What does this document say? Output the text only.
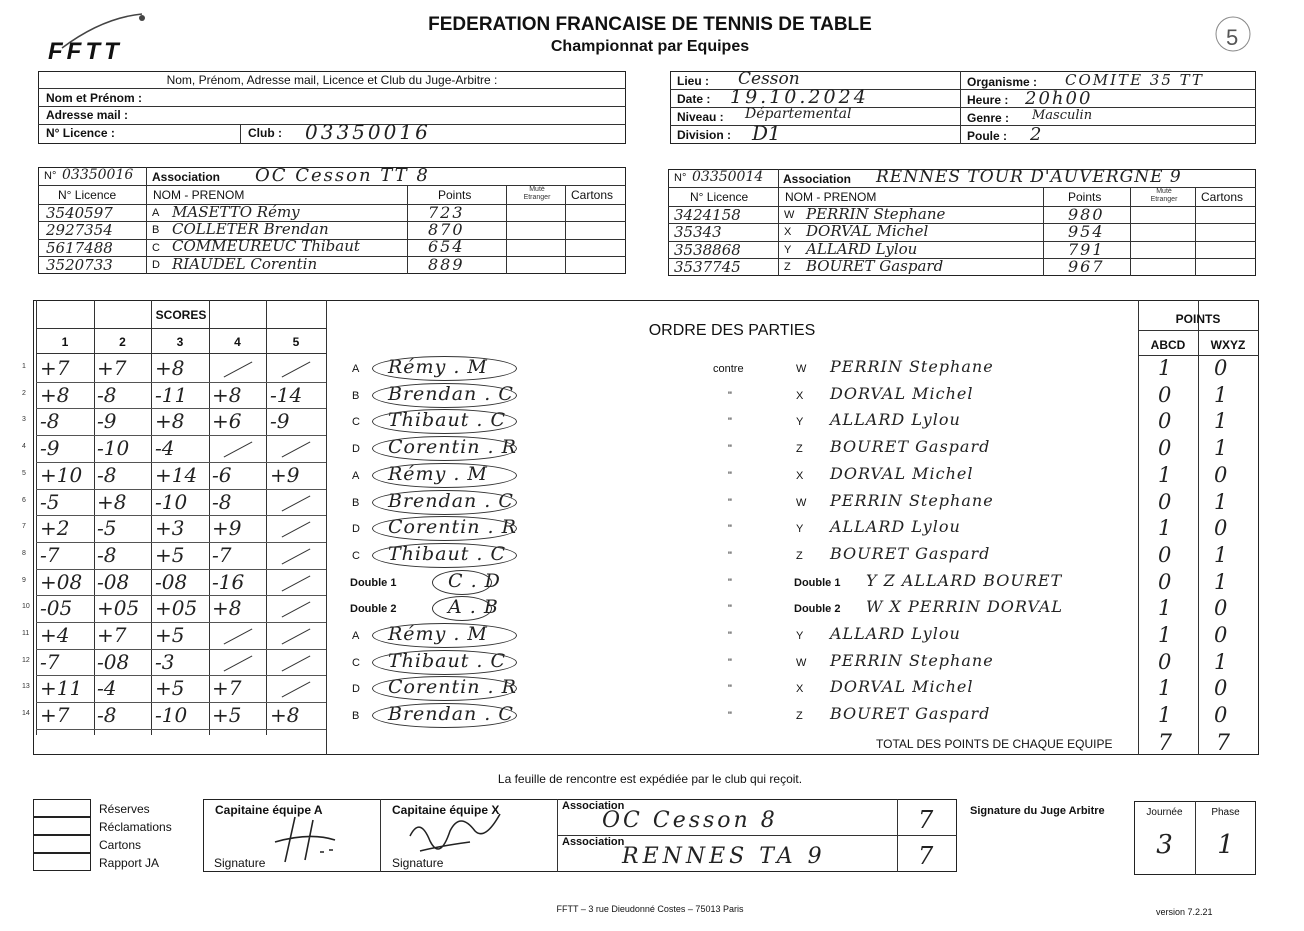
FFTT
FEDERATION FRANCAISE DE TENNIS DE TABLE
Championnat par Equipes	5
Nom, Prénom, Adresse mail, Licence et Club du Juge-Arbitre :
Nom et Prénom :
Adresse mail :
N° Licence :	Club : 03350016
Lieu : Cesson
Date : 19.10.2024
Niveau : Départemental
Division : D1
Organisme : COMITE 35 TT
Heure : 20h00
Genre : Masculin
Poule : 2
N° 03350016 Association OC Cesson TT 8
N° Licence	NOM - PRENOM	Points	Muté Etranger	Cartons
3540597	A MASETTO Rémy	723
2927354	B COLLETER Brendan	870
5617488	C COMMEUREUC Thibaut	654
3520733	D RIAUDEL Corentin	889
N° 03350014 Association RENNES TOUR D'AUVERGNE 9
N° Licence	NOM - PRENOM	Points	Muté Etranger	Cartons
3424158	W PERRIN Stephane	980
35343	X DORVAL Michel	954
3538868	Y ALLARD Lylou	791
3537745	Z BOURET Gaspard	967
1	2	3	4	5
SCORES
ORDRE DES PARTIES
POINTS
ABCD	WXYZ
TOTAL DES POINTS DE CHAQUE EQUIPE 7 7
1 +7 +7 +8	A Rémy . M	contre	W PERRIN Stephane	1 0
2 +8 -8 -11 +8 -14	B Brendan . C	"	X DORVAL Michel	0 1
3 -8 -9 +8 +6 -9	C Thibaut . C	"	Y ALLARD Lylou	0 1
4 -9 -10 -4	D Corentin . R	"	Z BOURET Gaspard	0 1
5 +10 -8 +14 -6 +9	A Rémy . M	"	X DORVAL Michel	1 0
6 -5 +8 -10 -8	B Brendan . C	"	W PERRIN Stephane	0 1
7 +2 -5 +3 +9	D Corentin . R	"	Y ALLARD Lylou	1 0
8 -7 -8 +5 -7	C Thibaut . C	"	Z BOURET Gaspard	0 1
9 +08 -08 -08 -16	Double 1	C . D	"	Double 1 Y Z ALLARD BOURET	0 1
10 -05 +05 +05 +8	Double 2	A . B	"	Double 2 W X PERRIN DORVAL	1 0
11 +4 +7 +5	A Rémy . M	"	Y ALLARD Lylou	1 0
12 -7 -08 -3	C Thibaut . C	"	W PERRIN Stephane	0 1
13 +11 -4 +5 +7	D Corentin . R	"	X DORVAL Michel	1 0
14 +7 -8 -10 +5 +8	B Brendan . C	"	Z BOURET Gaspard	1 0
La feuille de rencontre est expédiée par le club qui reçoit.
Réserves
Réclamations
Cartons
Rapport JA
Capitaine équipe A	Capitaine équipe X
Signature	Signature
Association
OC Cesson 8	7
Association
RENNES TA 9	7
Signature du Juge Arbitre	Journée	Phase
3	1
FFTT – 3 rue Dieudonné Costes – 75013 Paris	version 7.2.21
